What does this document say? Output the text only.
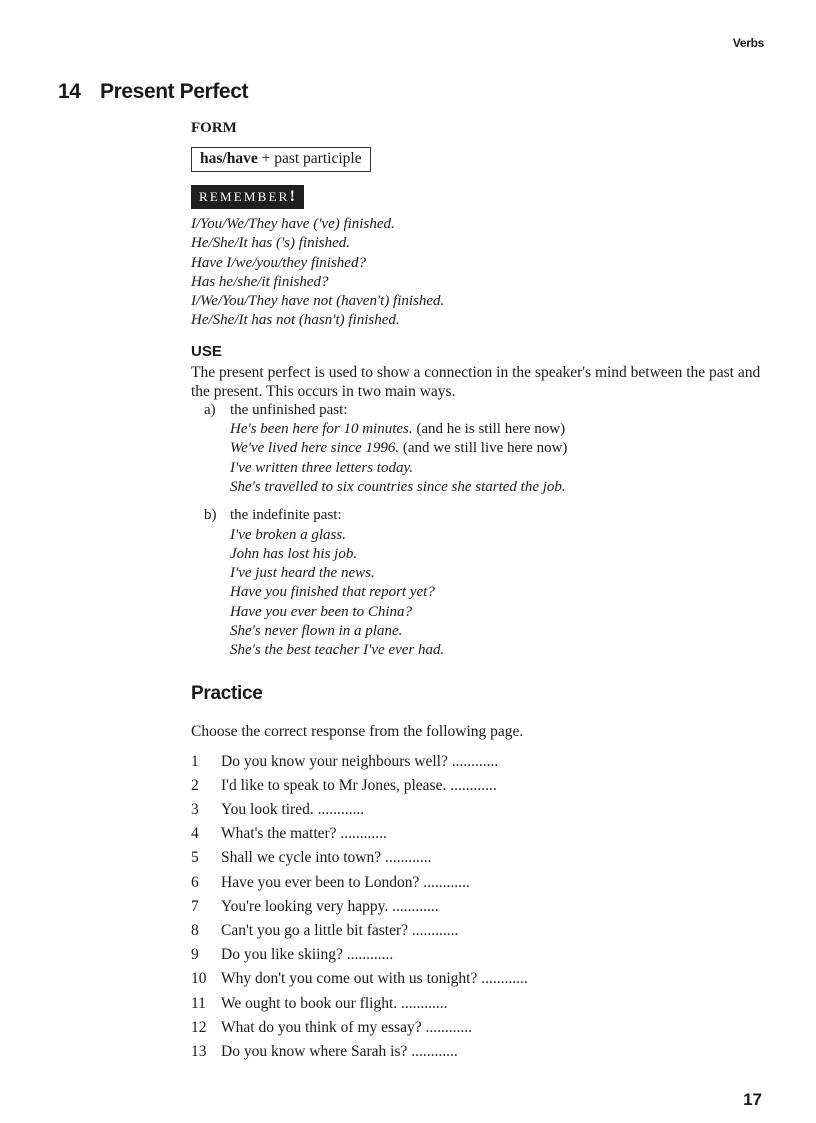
Verbs
14 Present Perfect
FORM
has/have + past participle
REMEMBER!
I/You/We/They have ('ve) finished.
He/She/It has ('s) finished.
Have I/we/you/they finished?
Has he/she/it finished?
I/We/You/They have not (haven't) finished.
He/She/It has not (hasn't) finished.
USE
The present perfect is used to show a connection in the speaker's mind between the past and the present. This occurs in two main ways.
a) the unfinished past:
He's been here for 10 minutes. (and he is still here now)
We've lived here since 1996. (and we still live here now)
I've written three letters today.
She's travelled to six countries since she started the job.
b) the indefinite past:
I've broken a glass.
John has lost his job.
I've just heard the news.
Have you finished that report yet?
Have you ever been to China?
She's never flown in a plane.
She's the best teacher I've ever had.
Practice
Choose the correct response from the following page.
1 Do you know your neighbours well? ............
2 I'd like to speak to Mr Jones, please. ............
3 You look tired. ............
4 What's the matter? ............
5 Shall we cycle into town? ............
6 Have you ever been to London? ............
7 You're looking very happy. ............
8 Can't you go a little bit faster? ............
9 Do you like skiing? ............
10 Why don't you come out with us tonight? ............
11 We ought to book our flight. ............
12 What do you think of my essay? ............
13 Do you know where Sarah is? ............
17
